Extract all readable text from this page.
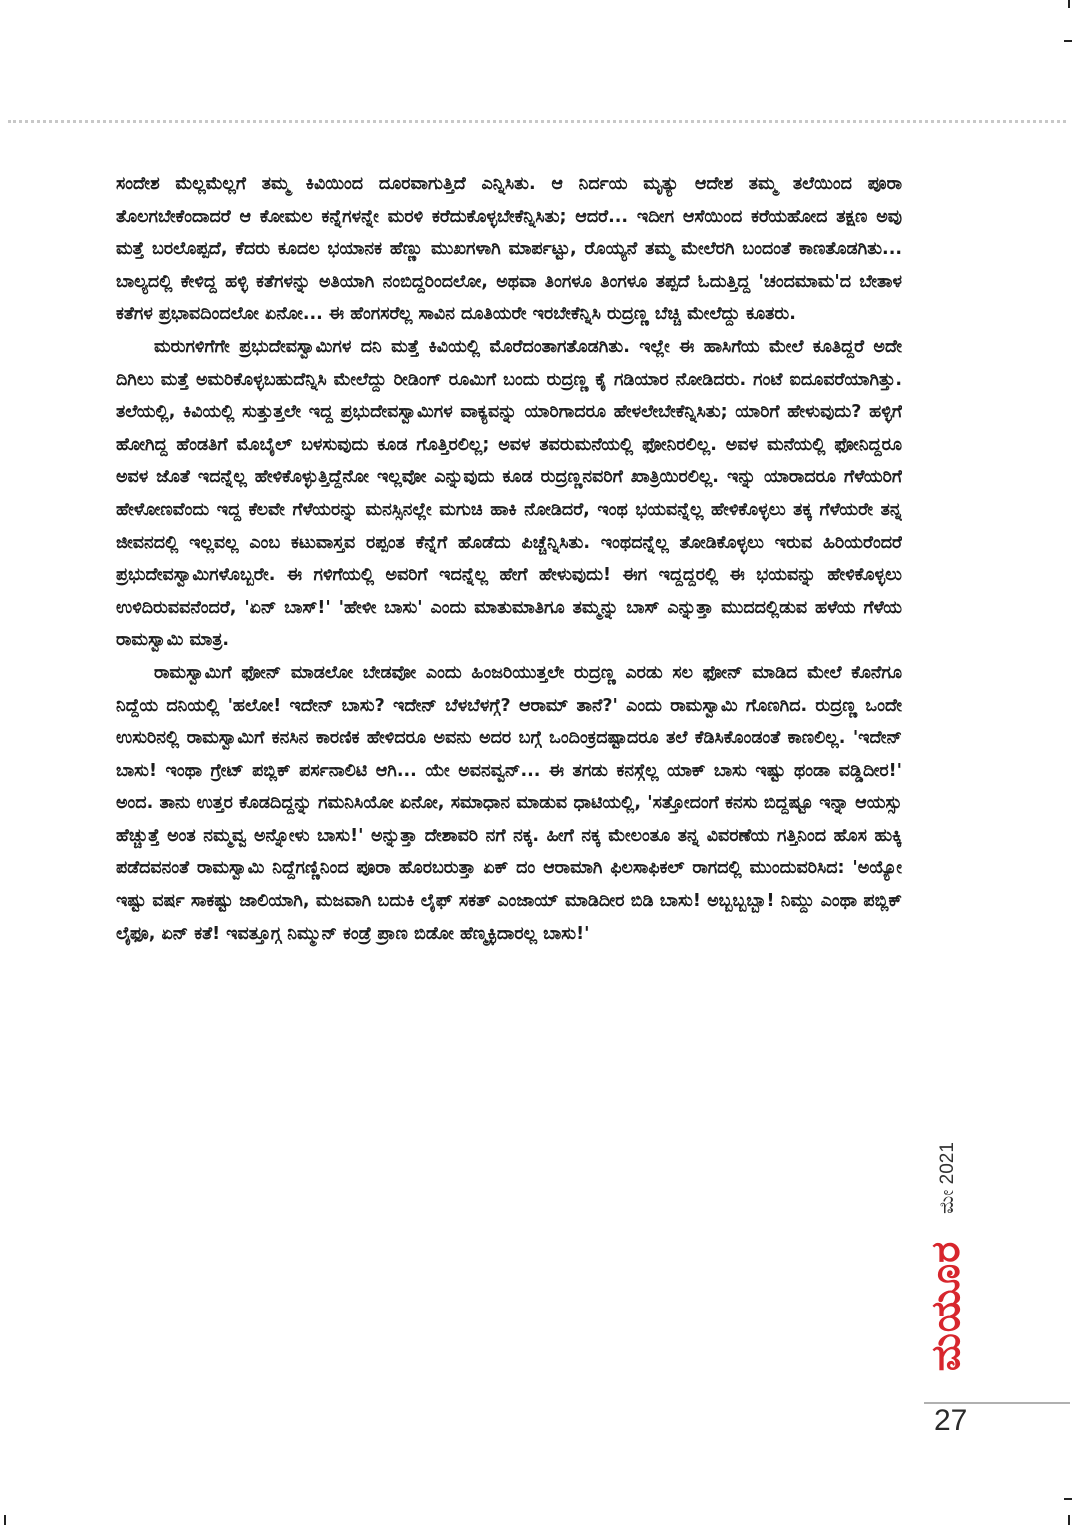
ಸಂದೇಶ ಮೆಲ್ಲಮೆಲ್ಲಗೆ ತಮ್ಮ ಕಿವಿಯಿಂದ ದೂರವಾಗುತ್ತಿದೆ ಎನ್ನಿಸಿತು. ಆ ನಿರ್ದಯ ಮೃತ್ಯು ಆದೇಶ ತಮ್ಮ ತಲೆಯಿಂದ ಪೂರಾ ತೊಲಗಬೇಕೆಂದಾದರೆ ಆ ಕೋಮಲ ಕನ್ನೆಗಳನ್ನೇ ಮರಳಿ ಕರೆದುಕೊಳ್ಳಬೇಕೆನ್ನಿಸಿತು; ಆದರೆ... ಇದೀಗ ಆಸೆಯಿಂದ ಕರೆಯಹೋದ ತಕ್ಷಣ ಅವು ಮತ್ತೆ ಬರಲೊಪ್ಪದೆ, ಕೆದರು ಕೂದಲ ಭಯಾನಕ ಹೆಣ್ಣು ಮುಖಗಳಾಗಿ ಮಾರ್ಪಟ್ಟು, ರೊಯ್ಯನೆ ತಮ್ಮ ಮೇಲೆರಗಿ ಬಂದಂತೆ ಕಾಣತೊಡಗಿತು... ಬಾಲ್ಯದಲ್ಲಿ ಕೇಳಿದ್ದ ಹಳ್ಳಿ ಕತೆಗಳನ್ನು ಅತಿಯಾಗಿ ನಂಬಿದ್ದರಿಂದಲೋ, ಅಥವಾ ತಿಂಗಳೂ ತಿಂಗಳೂ ತಪ್ಪದೆ ಓದುತ್ತಿದ್ದ 'ಚಂದಮಾಮ'ದ ಬೇತಾಳ ಕತೆಗಳ ಪ್ರಭಾವದಿಂದಲೋ ಏನೋ... ಈ ಹೆಂಗಸರೆಲ್ಲ ಸಾವಿನ ದೂತಿಯರೇ ಇರಬೇಕೆನ್ನಿಸಿ ರುದ್ರಣ್ಣ ಬೆಚ್ಚಿ ಮೇಲೆದ್ದು ಕೂತರು.

ಮರುಗಳಿಗೆಗೇ ಪ್ರಭುದೇವಸ್ವಾಮಿಗಳ ದನಿ ಮತ್ತೆ ಕಿವಿಯಲ್ಲಿ ಮೊರೆದಂತಾಗತೊಡಗಿತು. ಇಲ್ಲೇ ಈ ಹಾಸಿಗೆಯ ಮೇಲೆ ಕೂತಿದ್ದರೆ ಅದೇ ದಿಗಿಲು ಮತ್ತೆ ಅಮರಿಕೊಳ್ಳಬಹುದೆನ್ನಿಸಿ ಮೇಲೆದ್ದು ರೀಡಿಂಗ್ ರೂಮಿಗೆ ಬಂದು ರುದ್ರಣ್ಣ ಕೈ ಗಡಿಯಾರ ನೋಡಿದರು. ಗಂಟೆ ಐದೂವರೆಯಾಗಿತ್ತು. ತಲೆಯಲ್ಲಿ, ಕಿವಿಯಲ್ಲಿ ಸುತ್ತುತ್ತಲೇ ಇದ್ದ ಪ್ರಭುದೇವಸ್ವಾಮಿಗಳ ವಾಕ್ಯವನ್ನು ಯಾರಿಗಾದರೂ ಹೇಳಲೇಬೇಕೆನ್ನಿಸಿತು; ಯಾರಿಗೆ ಹೇಳುವುದು? ಹಳ್ಳಿಗೆ ಹೋಗಿದ್ದ ಹೆಂಡತಿಗೆ ಮೊಬೈಲ್ ಬಳಸುವುದು ಕೂಡ ಗೊತ್ತಿರಲಿಲ್ಲ; ಅವಳ ತವರುಮನೆಯಲ್ಲಿ ಫೋನಿರಲಿಲ್ಲ. ಅವಳ ಮನೆಯಲ್ಲಿ ಫೋನಿದ್ದರೂ ಅವಳ ಜೊತೆ ಇದನ್ನೆಲ್ಲ ಹೇಳಿಕೊಳ್ಳುತ್ತಿದ್ದೆನೋ ಇಲ್ಲವೋ ಎನ್ನುವುದು ಕೂಡ ರುದ್ರಣ್ಣನವರಿಗೆ ಖಾತ್ರಿಯಿರಲಿಲ್ಲ. ಇನ್ನು ಯಾರಾದರೂ ಗೆಳೆಯರಿಗೆ ಹೇಳೋಣವೆಂದು ಇದ್ದ ಕೆಲವೇ ಗೆಳೆಯರನ್ನು ಮನಸ್ಸಿನಲ್ಲೇ ಮಗುಚಿ ಹಾಕಿ ನೋಡಿದರೆ, ಇಂಥ ಭಯವನ್ನೆಲ್ಲ ಹೇಳಿಕೊಳ್ಳಲು ತಕ್ಕ ಗೆಳೆಯರೇ ತನ್ನ ಜೀವನದಲ್ಲಿ ಇಲ್ಲವಲ್ಲ ಎಂಬ ಕಟುವಾಸ್ತವ ರಪ್ಪಂತ ಕೆನ್ನೆಗೆ ಹೊಡೆದು ಪಿಚ್ಚೆನ್ನಿಸಿತು. ಇಂಥದನ್ನೆಲ್ಲ ತೋಡಿಕೊಳ್ಳಲು ಇರುವ ಹಿರಿಯರೆಂದರೆ ಪ್ರಭುದೇವಸ್ವಾಮಿಗಳೊಬ್ಬರೇ. ಈ ಗಳಿಗೆಯಲ್ಲಿ ಅವರಿಗೆ ಇದನ್ನೆಲ್ಲ ಹೇಗೆ ಹೇಳುವುದು! ಈಗ ಇದ್ದದ್ದರಲ್ಲಿ ಈ ಭಯವನ್ನು ಹೇಳಿಕೊಳ್ಳಲು ಉಳಿದಿರುವವನೆಂದರೆ, 'ಏನ್ ಬಾಸ್!' 'ಹೇಳೀ ಬಾಸು' ಎಂದು ಮಾತುಮಾತಿಗೂ ತಮ್ಮನ್ನು ಬಾಸ್ ಎನ್ನುತ್ತಾ ಮುದದಲ್ಲಿಡುವ ಹಳೆಯ ಗೆಳೆಯ ರಾಮಸ್ವಾಮಿ ಮಾತ್ರ.

ರಾಮಸ್ವಾಮಿಗೆ ಫೋನ್ ಮಾಡಲೋ ಬೇಡವೋ ಎಂದು ಹಿಂಜರಿಯುತ್ತಲೇ ರುದ್ರಣ್ಣ ಎರಡು ಸಲ ಫೋನ್ ಮಾಡಿದ ಮೇಲೆ ಕೊನೆಗೂ ನಿದ್ದೆಯ ದನಿಯಲ್ಲಿ 'ಹಲೋ! ಇದೇನ್ ಬಾಸು? ಇದೇನ್ ಬೆಳಬೆಳಗ್ಗೆ? ಆರಾಮ್ ತಾನೆ?' ಎಂದು ರಾಮಸ್ವಾಮಿ ಗೊಣಗಿದ. ರುದ್ರಣ್ಣ ಒಂದೇ ಉಸುರಿನಲ್ಲಿ ರಾಮಸ್ವಾಮಿಗೆ ಕನಸಿನ ಕಾರಣಿಕ ಹೇಳಿದರೂ ಅವನು ಅದರ ಬಗ್ಗೆ ಒಂದಿಂಕ್ರದಷ್ಟಾದರೂ ತಲೆ ಕೆಡಿಸಿಕೊಂಡಂತೆ ಕಾಣಲಿಲ್ಲ. 'ಇದೇನ್ ಬಾಸು! ಇಂಥಾ ಗ್ರೇಟ್ ಪಬ್ಲಿಕ್ ಪರ್ಸನಾಲಿಟಿ ಆಗಿ... ಯೇ ಅವನವ್ವನ್... ಈ ತಗಡು ಕನಸ್ಗೆಲ್ಲ ಯಾಕ್ ಬಾಸು ಇಷ್ಟು ಥಂಡಾ ವಡ್ಡಿದೀರ!' ಅಂದ. ತಾನು ಉತ್ತರ ಕೊಡದಿದ್ದನ್ನು ಗಮನಿಸಿಯೋ ಏನೋ, ಸಮಾಧಾನ ಮಾಡುವ ಧಾಟಿಯಲ್ಲಿ, 'ಸತ್ತೋದಂಗೆ ಕನಸು ಬಿದ್ದಷ್ಟೂ ಇನ್ನಾ ಆಯಸ್ಸು ಹೆಚ್ಚುತ್ತೆ ಅಂತ ನಮ್ಮವ್ವ ಅನ್ನೋಳು ಬಾಸು!' ಅನ್ನುತ್ತಾ ದೇಶಾವರಿ ನಗೆ ನಕ್ಕ. ಹೀಗೆ ನಕ್ಕ ಮೇಲಂತೂ ತನ್ನ ವಿವರಣೆಯ ಗತ್ತಿನಿಂದ ಹೊಸ ಹುಕ್ಕಿ ಪಡೆದವನಂತೆ ರಾಮಸ್ವಾಮಿ ನಿದ್ದೆಗಣ್ಣಿನಿಂದ ಪೂರಾ ಹೊರಬರುತ್ತಾ ಏಕ್ ದಂ ಆರಾಮಾಗಿ ಫಿಲಸಾಫಿಕಲ್ ರಾಗದಲ್ಲಿ ಮುಂದುವರಿಸಿದ: 'ಅಯ್ಯೋ ಇಷ್ಟು ವರ್ಷ ಸಾಕಷ್ಟು ಜಾಲಿಯಾಗಿ, ಮಜವಾಗಿ ಬದುಕಿ ಲೈಫ್ ಸಕತ್ ಎಂಜಾಯ್ ಮಾಡಿದೀರ ಬಿಡಿ ಬಾಸು! ಅಬ್ಬಬ್ಬಬ್ಬಾ! ನಿಮ್ದು ಎಂಥಾ ಪಬ್ಲಿಕ್ ಲೈಫೂ, ಏನ್ ಕತೆ! ಇವತ್ತೂಗ್ಗ ನಿಮ್ಮುನ್ ಕಂಡ್ರೆ ಪ್ರಾಣ ಬಿಡೋ ಹೆಣ್ಮಕ್ಳಿದಾರಲ್ಲ ಬಾಸು!'

ಮೇ 2021
ಮಯೂರ
27
